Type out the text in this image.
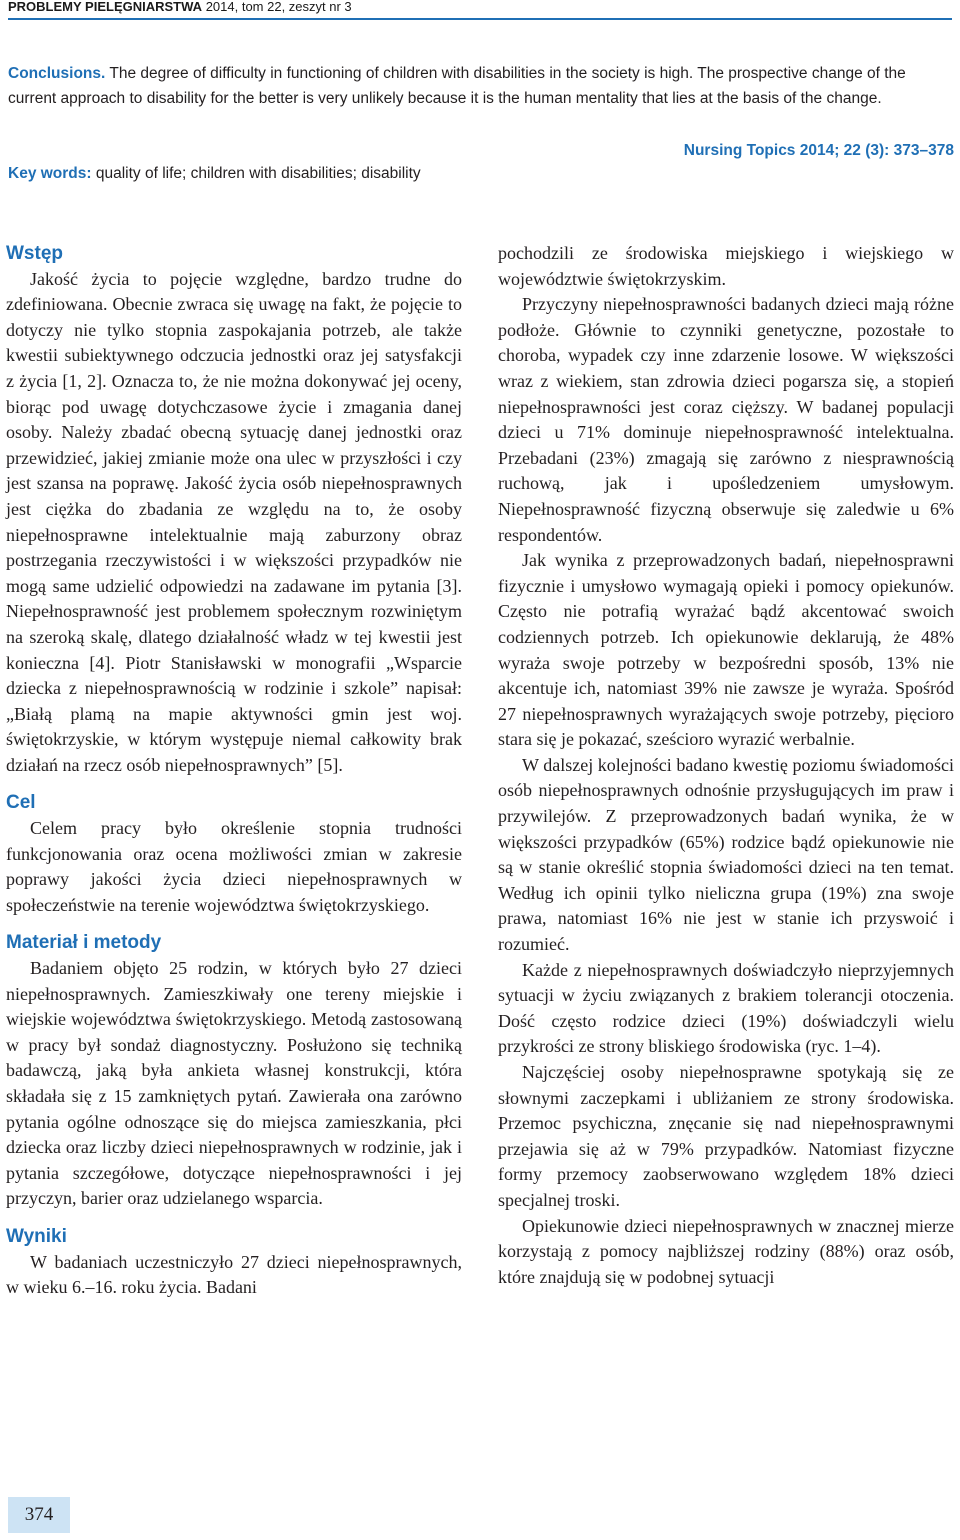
PROBLEMY PIELĘGNIARSTWA 2014, tom 22, zeszyt nr 3
Conclusions. The degree of difficulty in functioning of children with disabilities in the society is high. The prospective change of the current approach to disability for the better is very unlikely because it is the human mentality that lies at the basis of the change.
Nursing Topics 2014; 22 (3): 373–378
Key words: quality of life; children with disabilities; disability
Wstęp

Jakość życia to pojęcie względne, bardzo trudne do zdefiniowana. Obecnie zwraca się uwagę na fakt, że pojęcie to dotyczy nie tylko stopnia zaspokajania potrzeb, ale także kwestii subiektywnego odczucia jednostki oraz jej satysfakcji z życia [1, 2]. Oznacza to, że nie można dokonywać jej oceny, biorąc pod uwagę dotychczasowe życie i zmagania danej osoby. Należy zbadać obecną sytuację danej jednostki oraz przewidzieć, jakiej zmianie może ona ulec w przyszłości i czy jest szansa na poprawę. Jakość życia osób niepełnosprawnych jest ciężka do zbadania ze względu na to, że osoby niepełnosprawne intelektualnie mają zaburzony obraz postrzegania rzeczywistości i w większości przypadków nie mogą same udzielić odpowiedzi na zadawane im pytania [3]. Niepełnosprawność jest problemem społecznym rozwiniętym na szeroką skalę, dlatego działalność władz w tej kwestii jest konieczna [4]. Piotr Stanisławski w monografii „Wsparcie dziecka z niepełnosprawnością w rodzinie i szkole” napisał: „Białą plamą na mapie aktywności gmin jest woj. świętokrzyskie, w którym występuje niemal całkowity brak działań na rzecz osób niepełnosprawnych” [5].

Cel

Celem pracy było określenie stopnia trudności funkcjonowania oraz ocena możliwości zmian w zakresie poprawy jakości życia dzieci niepełnosprawnych w społeczeństwie na terenie województwa świętokrzyskiego.

Materiał i metody

Badaniem objęto 25 rodzin, w których było 27 dzieci niepełnosprawnych. Zamieszkiwały one tereny miejskie i wiejskie województwa świętokrzyskiego. Metodą zastosowaną w pracy był sondaż diagnostyczny. Posłużono się techniką badawczą, jaką była ankieta własnej konstrukcji, która składała się z 15 zamkniętych pytań. Zawierała ona zarówno pytania ogólne odnoszące się do miejsca zamieszkania, płci dziecka oraz liczby dzieci niepełnosprawnych w rodzinie, jak i pytania szczegółowe, dotyczące niepełnosprawności i jej przyczyn, barier oraz udzielanego wsparcia.

Wyniki

W badaniach uczestniczyło 27 dzieci niepełnosprawnych, w wieku 6.–16. roku życia. Badani

pochodzili ze środowiska miejskiego i wiejskiego w województwie świętokrzyskim.

Przyczyny niepełnosprawności badanych dzieci mają różne podłoże. Głównie to czynniki genetyczne, pozostałe to choroba, wypadek czy inne zdarzenie losowe. W większości wraz z wiekiem, stan zdrowia dzieci pogarsza się, a stopień niepełnosprawności jest coraz cięższy. W badanej populacji dzieci u 71% dominuje niepełnosprawność intelektualna. Przebadani (23%) zmagają się zarówno z niesprawnością ruchową, jak i upośledzeniem umysłowym. Niepełnosprawność fizyczną obserwuje się zaledwie u 6% respondentów.

Jak wynika z przeprowadzonych badań, niepełnosprawni fizycznie i umysłowo wymagają opieki i pomocy opiekunów. Często nie potrafią wyrażać bądź akcentować swoich codziennych potrzeb. Ich opiekunowie deklarują, że 48% wyraża swoje potrzeby w bezpośredni sposób, 13% nie akcentuje ich, natomiast 39% nie zawsze je wyraża. Spośród 27 niepełnosprawnych wyrażających swoje potrzeby, pięcioro stara się je pokazać, sześcioro wyrazić werbalnie.

W dalszej kolejności badano kwestię poziomu świadomości osób niepełnosprawnych odnośnie przysługujących im praw i przywilejów. Z przeprowadzonych badań wynika, że w większości przypadków (65%) rodzice bądź opiekunowie nie są w stanie określić stopnia świadomości dzieci na ten temat. Według ich opinii tylko nieliczna grupa (19%) zna swoje prawa, natomiast 16% nie jest w stanie ich przyswoić i rozumieć.

Każde z niepełnosprawnych doświadczyło nieprzyjemnych sytuacji w życiu związanych z brakiem tolerancji otoczenia. Dość często rodzice dzieci (19%) doświadczyli wielu przykrości ze strony bliskiego środowiska (ryc. 1–4).

Najczęściej osoby niepełnosprawne spotykają się ze słownymi zaczepkami i ubliżaniem ze strony środowiska. Przemoc psychiczna, znęcanie się nad niepełnosprawnymi przejawia się aż w 79% przypadków. Natomiast fizyczne formy przemocy zaobserwowano względem 18% dzieci specjalnej troski.

Opiekunowie dzieci niepełnosprawnych w znacznej mierze korzystają z pomocy najbliższej rodziny (88%) oraz osób, które znajdują się w podobnej sytuacji

374
